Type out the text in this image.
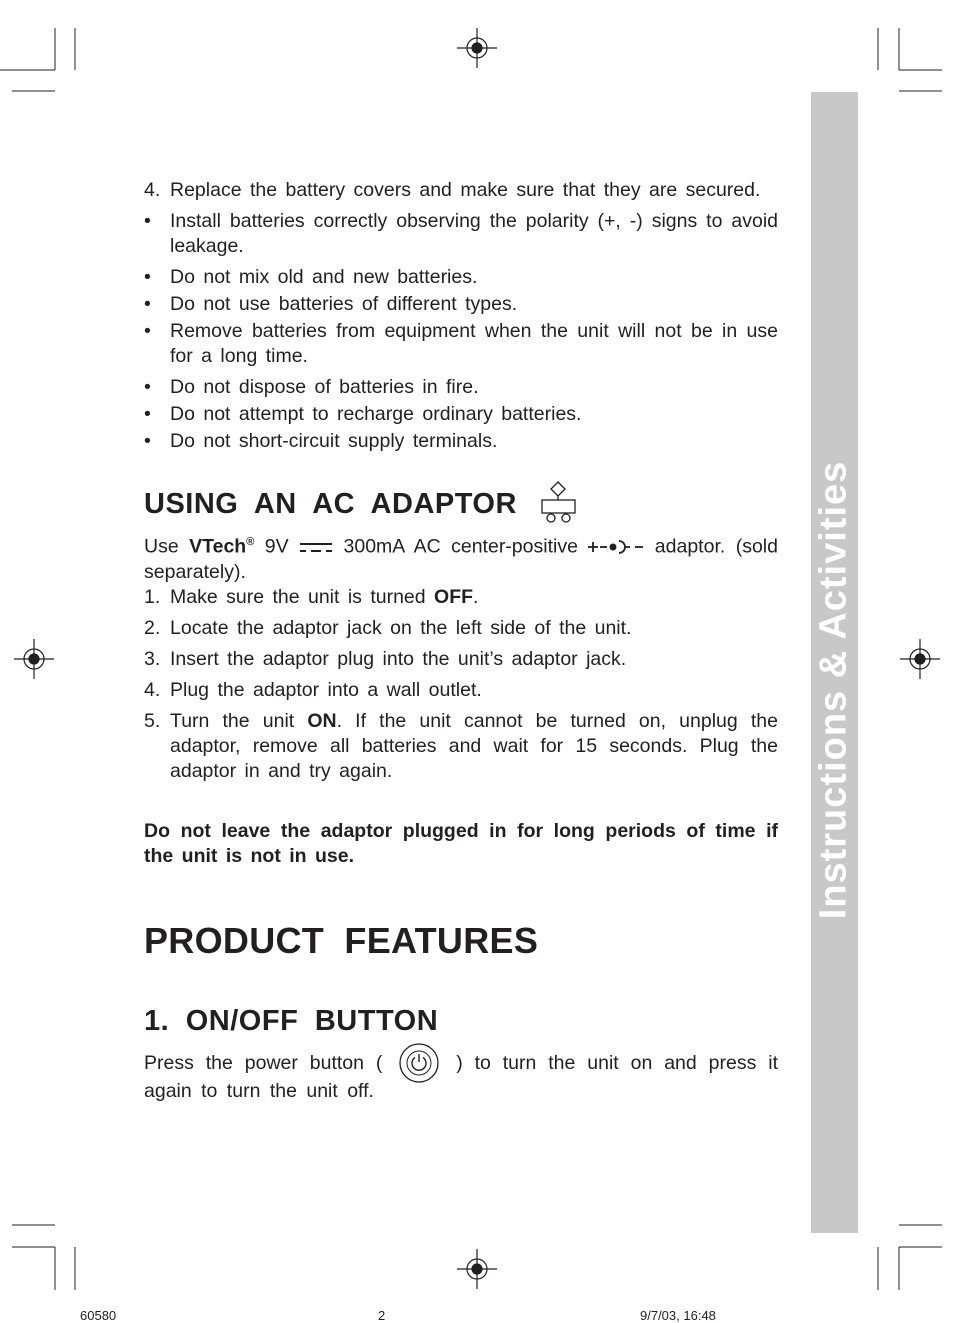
Instructions & Activities
4. Replace the battery covers and make sure that they are secured.
• Install batteries correctly observing the polarity (+, -) signs to avoid leakage.
• Do not mix old and new batteries.
• Do not use batteries of different types.
• Remove batteries from equipment when the unit will not be in use for a long time.
• Do not dispose of batteries in fire.
• Do not attempt to recharge ordinary batteries.
• Do not short-circuit supply terminals.
USING AN AC ADAPTOR
Use VTech® 9V  300mA AC center-positive	adaptor. (sold separately).
1. Make sure the unit is turned OFF.
2. Locate the adaptor jack on the left side of the unit.
3. Insert the adaptor plug into the unit’s adaptor jack.
4. Plug the adaptor into a wall outlet.
5. Turn the unit ON. If the unit cannot be turned on, unplug the adaptor, remove all batteries and wait for 15 seconds. Plug the adaptor in and try again.
Do not leave the adaptor plugged in for long periods of time if the unit is not in use.
PRODUCT FEATURES
1. ON/OFF BUTTON
Press the power button (	) to turn the unit on and press it again to turn the unit off.
60580	2	9/7/03, 16:48
